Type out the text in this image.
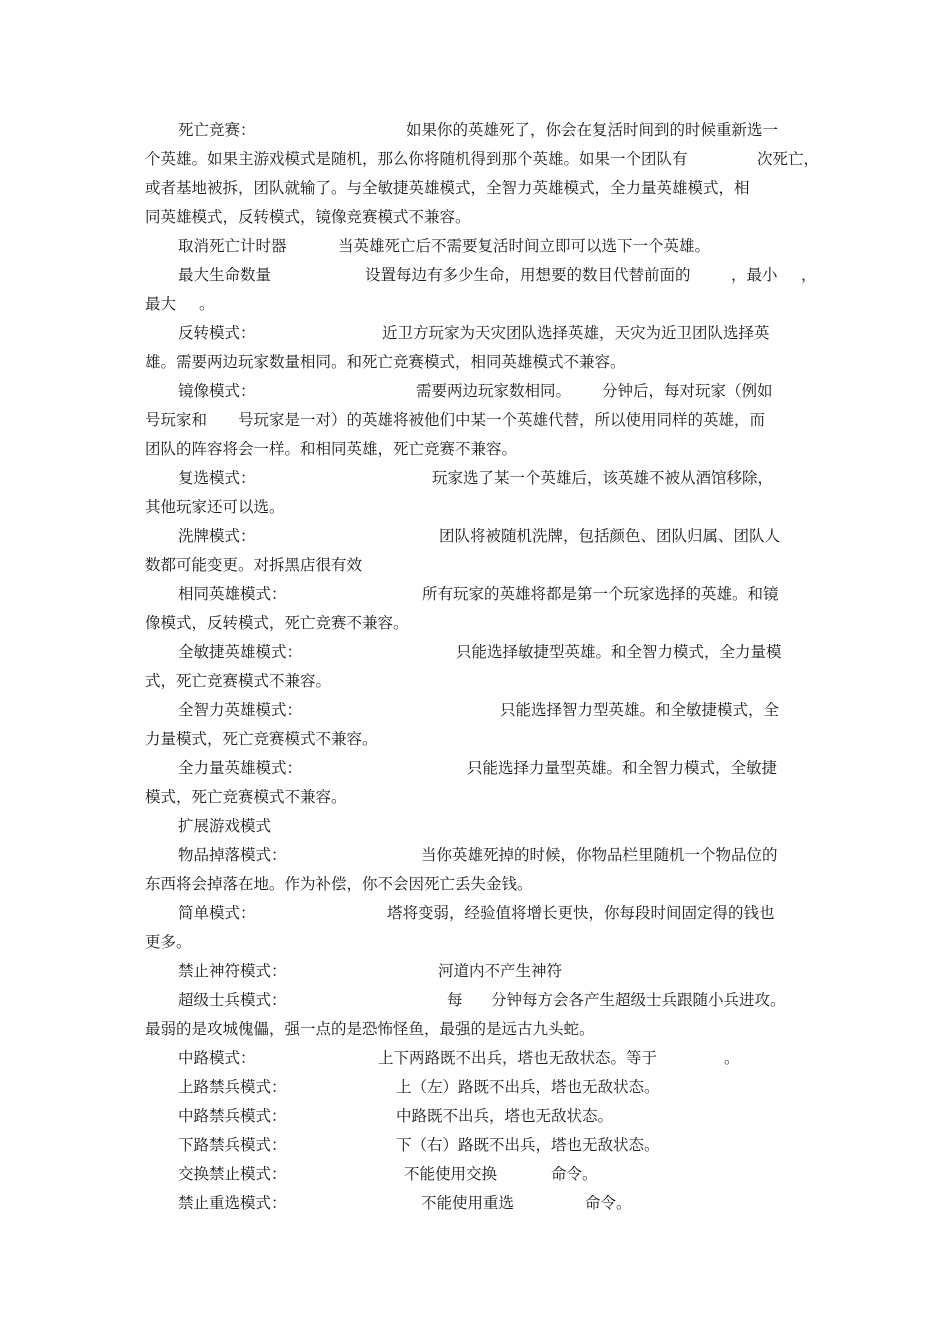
死亡竞赛：	如果你的英雄死了，你会在复活时间到的时候重新选一
个英雄。如果主游戏模式是随机，那么你将随机得到那个英雄。如果一个团队有	次死亡，
或者基地被拆，团队就输了。与全敏捷英雄模式，全智力英雄模式，全力量英雄模式，相
同英雄模式，反转模式，镜像竞赛模式不兼容。
取消死亡计时器	当英雄死亡后不需要复活时间立即可以选下一个英雄。
最大生命数量	设置每边有多少生命，用想要的数目代替前面的	，最小 ，
最大 。
反转模式：	近卫方玩家为天灾团队选择英雄，天灾为近卫团队选择英
雄。需要两边玩家数量相同。和死亡竞赛模式，相同英雄模式不兼容。
镜像模式：	需要两边玩家数相同。 分钟后，每对玩家（例如
号玩家和 号玩家是一对）的英雄将被他们中某一个英雄代替，所以使用同样的英雄，而
团队的阵容将会一样。和相同英雄，死亡竞赛不兼容。
复选模式：	玩家选了某一个英雄后，该英雄不被从酒馆移除，
其他玩家还可以选。
洗牌模式：	团队将被随机洗牌，包括颜色、团队归属、团队人
数都可能变更。对拆黑店很有效
相同英雄模式：	所有玩家的英雄将都是第一个玩家选择的英雄。和镜
像模式，反转模式，死亡竞赛不兼容。
全敏捷英雄模式：	只能选择敏捷型英雄。和全智力模式，全力量模
式，死亡竞赛模式不兼容。
全智力英雄模式：	只能选择智力型英雄。和全敏捷模式，全
力量模式，死亡竞赛模式不兼容。
全力量英雄模式：	只能选择力量型英雄。和全智力模式，全敏捷
模式，死亡竞赛模式不兼容。
扩展游戏模式
物品掉落模式：	当你英雄死掉的时候，你物品栏里随机一个物品位的
东西将会掉落在地。作为补偿，你不会因死亡丢失金钱。
简单模式：	塔将变弱，经验值将增长更快，你每段时间固定得的钱也
更多。
禁止神符模式：	河道内不产生神符
超级士兵模式：	每 分钟每方会各产生超级士兵跟随小兵进攻。
最弱的是攻城傀儡，强一点的是恐怖怪鱼，最强的是远古九头蛇。
中路模式：	上下两路既不出兵，塔也无敌状态。等于	。
上路禁兵模式：	上（左）路既不出兵，塔也无敌状态。
中路禁兵模式：	中路既不出兵，塔也无敌状态。
下路禁兵模式：	下（右）路既不出兵，塔也无敌状态。
交换禁止模式：	不能使用交换	命令。
禁止重选模式：	不能使用重选	命令。
